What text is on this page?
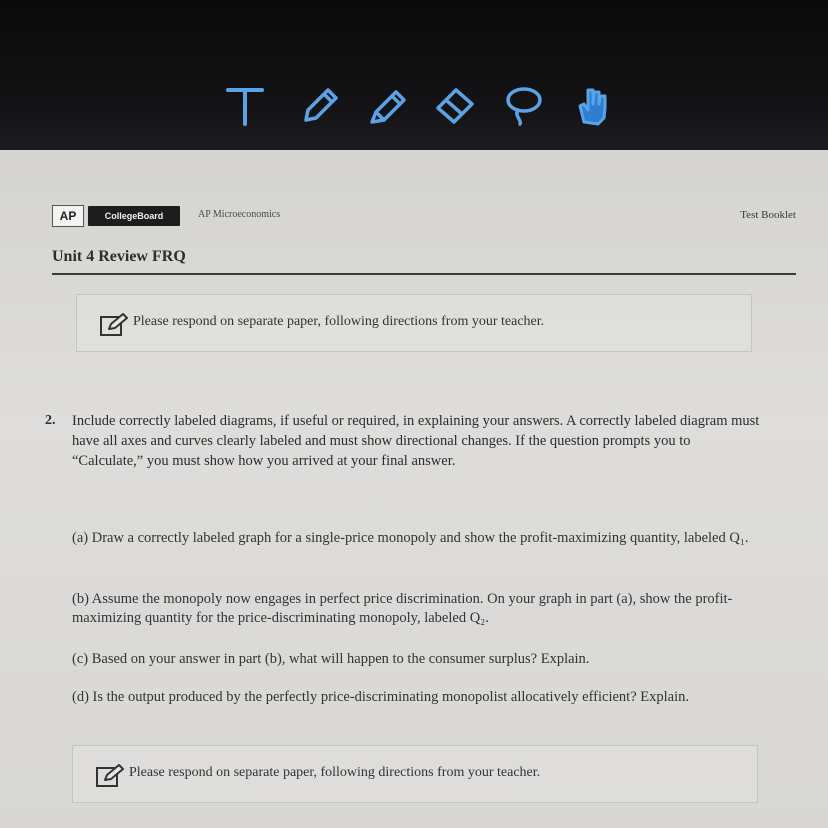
AP	CollegeBoard	AP Microeconomics	Test Booklet
Unit 4 Review FRQ
Please respond on separate paper, following directions from your teacher.
2. Include correctly labeled diagrams, if useful or required, in explaining your answers. A correctly labeled diagram must have all axes and curves clearly labeled and must show directional changes. If the question prompts you to “Calculate,” you must show how you arrived at your final answer.
(a) Draw a correctly labeled graph for a single-price monopoly and show the profit-maximizing quantity, labeled Q₁.
(b) Assume the monopoly now engages in perfect price discrimination. On your graph in part (a), show the profit-maximizing quantity for the price-discriminating monopoly, labeled Q₂.
(c) Based on your answer in part (b), what will happen to the consumer surplus? Explain.
(d) Is the output produced by the perfectly price-discriminating monopolist allocatively efficient? Explain.
Please respond on separate paper, following directions from your teacher.
